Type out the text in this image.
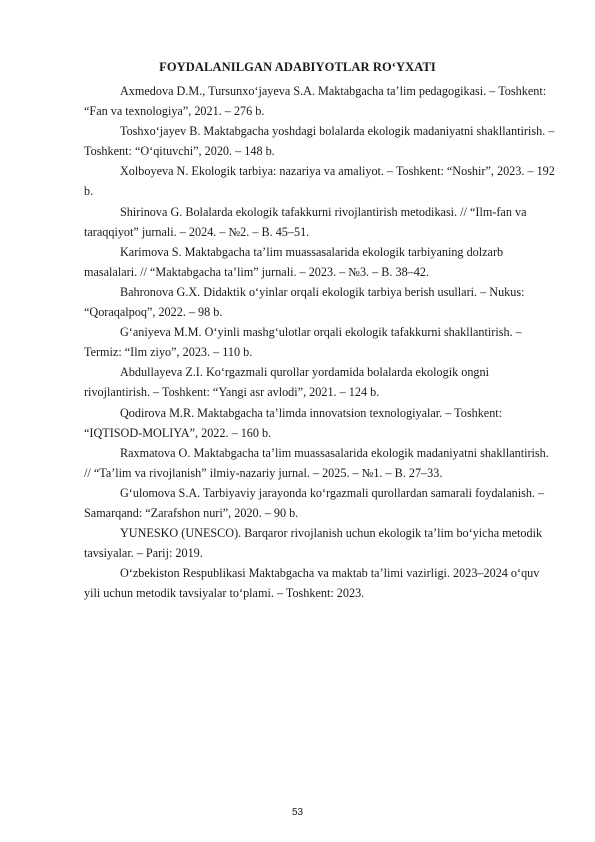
FOYDALANILGAN ADABIYOTLAR RO‘YXATI
Axmedova D.M., Tursunxo‘jayeva S.A. Maktabgacha ta’lim pedagogikasi. – Toshkent: “Fan va texnologiya”, 2021. – 276 b.
Toshxo‘jayev B. Maktabgacha yoshdagi bolalarda ekologik madaniyatni shakllantirish. – Toshkent: “O‘qituvchi”, 2020. – 148 b.
Xolboyeva N. Ekologik tarbiya: nazariya va amaliyot. – Toshkent: “Noshir”, 2023. – 192 b.
Shirinova G. Bolalarda ekologik tafakkurni rivojlantirish metodikasi. // “Ilm-fan va taraqqiyot” jurnali. – 2024. – №2. – B. 45–51.
Karimova S. Maktabgacha ta’lim muassasalarida ekologik tarbiyaning dolzarb masalalari. // “Maktabgacha ta’lim” jurnali. – 2023. – №3. – B. 38–42.
Bahronova G.X. Didaktik o‘yinlar orqali ekologik tarbiya berish usullari. – Nukus: “Qoraqalpoq”, 2022. – 98 b.
G‘aniyeva M.M. O‘yinli mashg‘ulotlar orqali ekologik tafakkurni shakllantirish. – Termiz: “Ilm ziyo”, 2023. – 110 b.
Abdullayeva Z.I. Ko‘rgazmali qurollar yordamida bolalarda ekologik ongni rivojlantirish. – Toshkent: “Yangi asr avlodi”, 2021. – 124 b.
Qodirova M.R. Maktabgacha ta’limda innovatsion texnologiyalar. – Toshkent: “IQTISOD-MOLIYA”, 2022. – 160 b.
Raxmatova O. Maktabgacha ta’lim muassasalarida ekologik madaniyatni shakllantirish. // “Ta’lim va rivojlanish” ilmiy-nazariy jurnal. – 2025. – №1. – B. 27–33.
G‘ulomova S.A. Tarbiyaviy jarayonda ko‘rgazmali qurollardan samarali foydalanish. – Samarqand: “Zarafshon nuri”, 2020. – 90 b.
YUNESKO (UNESCO). Barqaror rivojlanish uchun ekologik ta’lim bo‘yicha metodik tavsiyalar. – Parij: 2019.
O‘zbekiston Respublikasi Maktabgacha va maktab ta’limi vazirligi. 2023–2024 o‘quv yili uchun metodik tavsiyalar to‘plami. – Toshkent: 2023.
53
